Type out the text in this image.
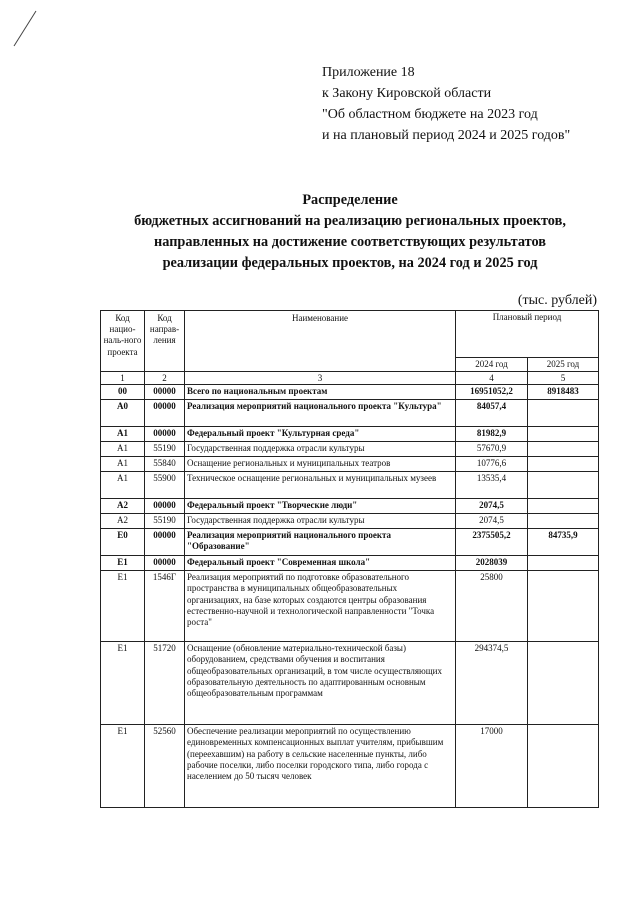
Приложение 18
к Закону Кировской области
"Об областном бюджете на 2023 год
и на плановый период 2024 и 2025 годов"
Распределение
бюджетных ассигнований на реализацию региональных проектов,
направленных на достижение соответствующих результатов
реализации федеральных проектов, на 2024 год и 2025 год
(тыс. рублей)
Код нацио-наль-ного проекта	Код направ-ления	Наименование	Плановый период	
			2024 год	2025 год
1	2	3	4	5
00	00000	Всего по национальным проектам	16951052,2	8918483
А0	00000	Реализация мероприятий национального проекта "Культура"	84057,4	
А1	00000	Федеральный проект "Культурная среда"	81982,9	
А1	55190	Государственная поддержка отрасли культуры	57670,9	
А1	55840	Оснащение региональных и муниципальных театров	10776,6	
А1	55900	Техническое оснащение региональных и муниципальных музеев	13535,4	
А2	00000	Федеральный проект "Творческие люди"	2074,5	
А2	55190	Государственная поддержка отрасли культуры	2074,5	
Е0	00000	Реализация мероприятий национального проекта "Образование"	2375505,2	84735,9
Е1	00000	Федеральный проект "Современная школа"	2028039	
Е1	1546Г	Реализация мероприятий по подготовке образовательного пространства в муниципальных общеобразовательных организациях, на базе которых создаются центры образования естественно-научной и технологической направленности "Точка роста"	25800	
Е1	51720	Оснащение (обновление материально-технической базы) оборудованием, средствами обучения и воспитания общеобразовательных организаций, в том числе осуществляющих образовательную деятельность по адаптированным основным общеобразовательным программам	294374,5	
Е1	52560	Обеспечение реализации мероприятий по осуществлению единовременных компенсационных выплат учителям, прибывшим (переехавшим) на работу в сельские населенные пункты, либо рабочие поселки, либо поселки городского типа, либо города с населением до 50 тысяч человек	17000	
